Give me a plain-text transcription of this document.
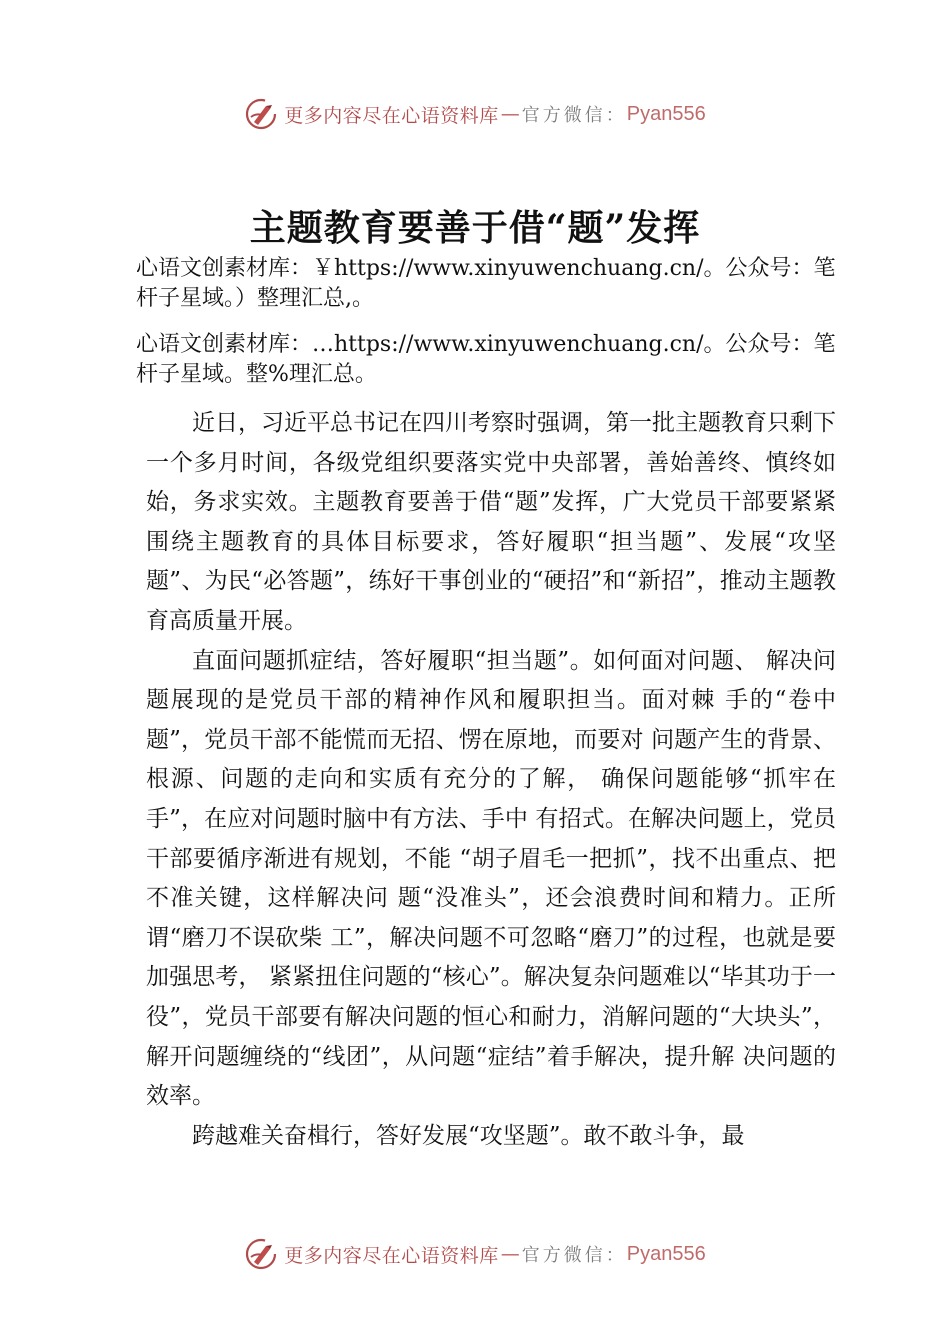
更多内容尽在心语资料库 — 官方微信： Pyan556
主题教育要善于借“题”发挥
心语文创素材库：￥https://www.xinyuwenchuang.cn/。公众号：笔杆子星域。）整理汇总,。
心语文创素材库：…https://www.xinyuwenchuang.cn/。公众号：笔杆子星域。整%理汇总。

近日，习近平总书记在四川考察时强调，第一批主题教育只剩下一个多月时间，各级党组织要落实党中央部署，善始善终、慎终如始，务求实效。主题教育要善于借“题”发挥，广大党员干部要紧紧围绕主题教育的具体目标要求，答好履职“担当题”、发展“攻坚题”、为民“必答题”，练好干事创业的“硬招”和“新招”，推动主题教育高质量开展。

直面问题抓症结，答好履职“担当题”。如何面对问题、 解决问题展现的是党员干部的精神作风和履职担当。面对棘 手的“卷中题”，党员干部不能慌而无招、愣在原地，而要对 问题产生的背景、根源、问题的走向和实质有充分的了解， 确保问题能够“抓牢在手”，在应对问题时脑中有方法、手中 有招式。在解决问题上，党员干部要循序渐进有规划，不能 “胡子眉毛一把抓”，找不出重点、把不准关键，这样解决问 题“没准头”，还会浪费时间和精力。正所谓“磨刀不误砍柴 工”，解决问题不可忽略“磨刀”的过程，也就是要加强思考， 紧紧扭住问题的“核心”。解决复杂问题难以“毕其功于一役”，党员干部要有解决问题的恒心和耐力，消解问题的“大块头”，解开问题缠绕的“线团”，从问题“症结”着手解决，提升解 决问题的效率。

跨越难关奋楫行，答好发展“攻坚题”。敢不敢斗争，最

更多内容尽在心语资料库 — 官方微信： Pyan556
